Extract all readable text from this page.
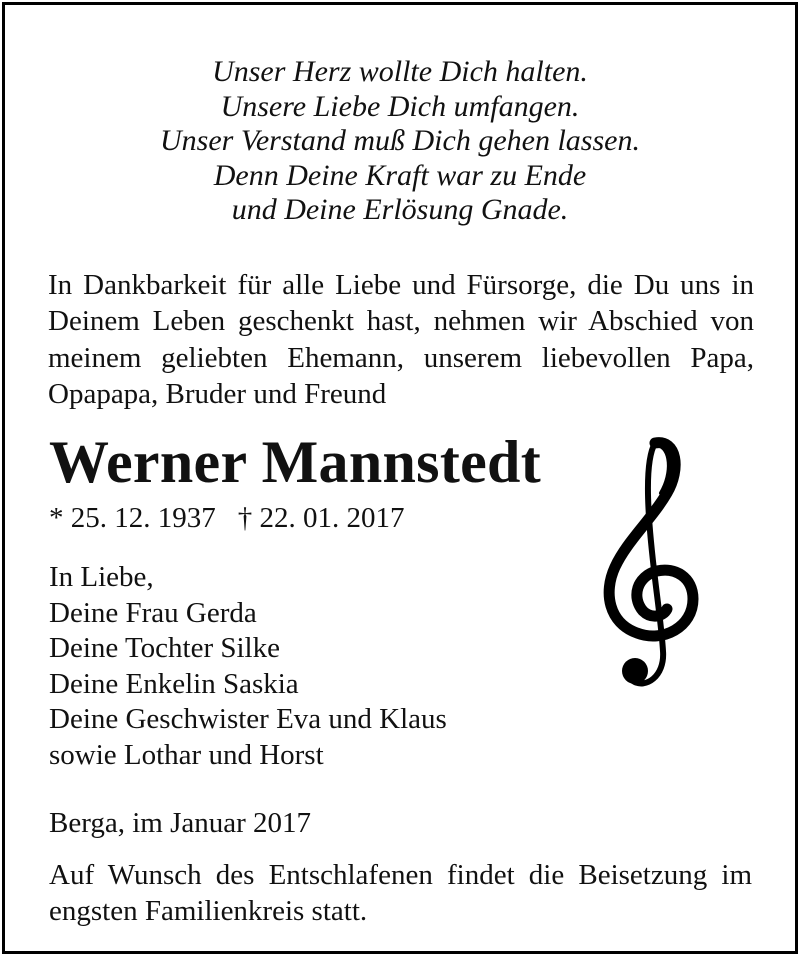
Unser Herz wollte Dich halten.
Unsere Liebe Dich umfangen.
Unser Verstand muß Dich gehen lassen.
Denn Deine Kraft war zu Ende
und Deine Erlösung Gnade.
In Dankbarkeit für alle Liebe und Fürsorge, die Du uns in
Deinem Leben geschenkt hast, nehmen wir Abschied von
meinem geliebten Ehemann, unserem liebevollen Papa,
Opapapa, Bruder und Freund
Werner Mannstedt
* 25. 12. 1937 † 22. 01. 2017
In Liebe,
Deine Frau Gerda
Deine Tochter Silke
Deine Enkelin Saskia
Deine Geschwister Eva und Klaus
sowie Lothar und Horst
Berga, im Januar 2017
Auf Wunsch des Entschlafenen findet die Beisetzung im
engsten Familienkreis statt.
